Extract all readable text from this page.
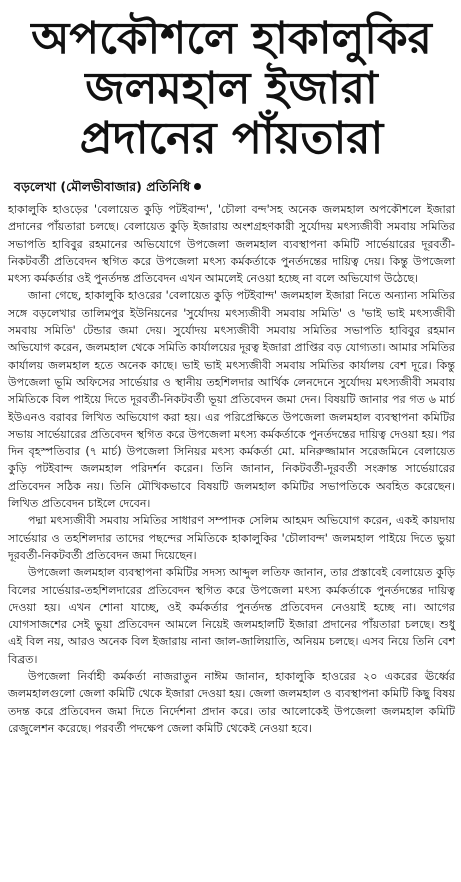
অপকৌশলে হাকালুকির
জলমহাল ইজারা
প্রদানের পাঁয়তারা
বড়লেখা (মৌলভীবাজার) প্রতিনিধি

হাকালুকি হাওড়ের 'বেলায়েত কুড়ি পটইবান্দ', 'চৌলা বন্দ'সহ অনেক জলমহাল অপকৌশলে ইজারা প্রদানের পাঁয়তারা চলছে। বেলায়েত কুড়ি ইজারায় অংশগ্রহণকারী সুর্যোদয় মৎস্যজীবী সমবায় সমিতির সভাপতি হাবিবুর রহমানের অভিযোগে উপজেলা জলমহাল ব্যবস্থাপনা কমিটি সার্ভেয়ারের দূরবর্তী-নিকটবর্তী প্রতিবেদন স্থগিত করে উপজেলা মৎস্য কর্মকর্তাকে পুনর্তদন্তের দায়িত্ব দেয়। কিন্তু উপজেলা মৎস্য কর্মকর্তার ওই পুনর্তদন্ত প্রতিবেদন এখন আমলেই নেওয়া হচ্ছে না বলে অভিযোগ উঠেছে।

জানা গেছে, হাকালুকি হাওরের 'বেলায়েত কুড়ি পটইবান্দ' জলমহাল ইজারা নিতে অন্যান্য সমিতির সঙ্গে বড়লেখার তালিমপুর ইউনিয়নের 'সুর্যোদয় মৎস্যজীবী সমবায় সমিতি' ও 'ভাই ভাই মৎস্যজীবী সমবায় সমিতি' টেন্ডার জমা দেয়। সুর্যোদয় মৎস্যজীবী সমবায় সমিতির সভাপতি হাবিবুর রহমান অভিযোগ করেন, জলমহাল থেকে সমিতি কার্যালয়ের দূরত্ব ইজারা প্রাপ্তির বড় যোগ্যতা। আমার সমিতির কার্যালয় জলমহাল হতে অনেক কাছে। ভাই ভাই মৎস্যজীবী সমবায় সমিতির কার্যালয় বেশ দূরে। কিন্তু উপজেলা ভূমি অফিসের সার্ভেয়ার ও স্থানীয় তহশিলদার আর্থিক লেনদেনে সুর্যোদয় মৎস্যজীবী সমবায় সমিতিকে বিল পাইয়ে দিতে দূরবর্তী-নিকটবর্তী ভূয়া প্রতিবেদন জমা দেন। বিষয়টি জানার পর গত ৬ মার্চ ইউএনও বরাবর লিখিত অভিযোগ করা হয়। এর পরিপ্রেক্ষিতে উপজেলা জলমহাল ব্যবস্থাপনা কমিটির সভায় সার্ভেয়ারের প্রতিবেদন স্থগিত করে উপজেলা মৎস্য কর্মকর্তাকে পুনর্তদন্তের দায়িত্ব দেওয়া হয়। পর দিন বৃহস্পতিবার (৭ মার্চ) উপজেলা সিনিয়র মৎস্য কর্মকর্তা মো. মনিরুজ্জামান সরেজমিনে বেলায়েত কুড়ি পটইবান্দ জলমহাল পরিদর্শন করেন। তিনি জানান, নিকটবর্তী-দূরবর্তী সংক্রান্ত সার্ভেয়ারের প্রতিবেদন সঠিক নয়। তিনি মৌখিকভাবে বিষয়টি জলমহাল কমিটির সভাপতিকে অবহিত করেছেন। লিখিত প্রতিবেদন চাইলে দেবেন।

পদ্মা মৎস্যজীবী সমবায় সমিতির সাধারণ সম্পাদক সেলিম আহমদ অভিযোগ করেন, একই কায়দায় সার্ভেয়ার ও তহশিলদার তাদের পছন্দের সমিতিকে হাকালুকির 'চৌলাবন্দ' জলমহাল পাইয়ে দিতে ভুয়া দূরবর্তী-নিকটবর্তী প্রতিবেদন জমা দিয়েছেন।

উপজেলা জলমহাল ব্যবস্থাপনা কমিটির সদস্য আব্দুল লতিফ জানান, তার প্রস্তাবেই বেলায়েত কুড়ি বিলের সার্ভেয়ার-তহশিলদারের প্রতিবেদন স্থগিত করে উপজেলা মৎস্য কর্মকর্তাকে পুনর্তদন্তের দায়িত্ব দেওয়া হয়। এখন শোনা যাচ্ছে, ওই কর্মকর্তার পুনর্তদন্ত প্রতিবেদন নেওয়াই হচ্ছে না। আগের যোগসাজশের সেই ভুয়া প্রতিবেদন আমলে নিয়েই জলমহালটি ইজারা প্রদানের পাঁয়তারা চলছে। শুধু এই বিল নয়, আরও অনেক বিল ইজারায় নানা জাল-জালিয়াতি, অনিয়ম চলছে। এসব নিয়ে তিনি বেশ বিব্রত।

উপজেলা নির্বাহী কর্মকর্তা নাজরাতুন নাঈম জানান, হাকালুকি হাওরের ২০ একরের ঊর্ধ্বের জলমহালগুলো জেলা কমিটি থেকে ইজারা দেওয়া হয়। জেলা জলমহাল ও ব্যবস্থাপনা কমিটি কিছু বিষয় তদন্ত করে প্রতিবেদন জমা দিতে নির্দেশনা প্রদান করে। তার আলোকেই উপজেলা জলমহাল কমিটি রেজুলেশন করেছে। পরবর্তী পদক্ষেপ জেলা কমিটি থেকেই নেওয়া হবে।
